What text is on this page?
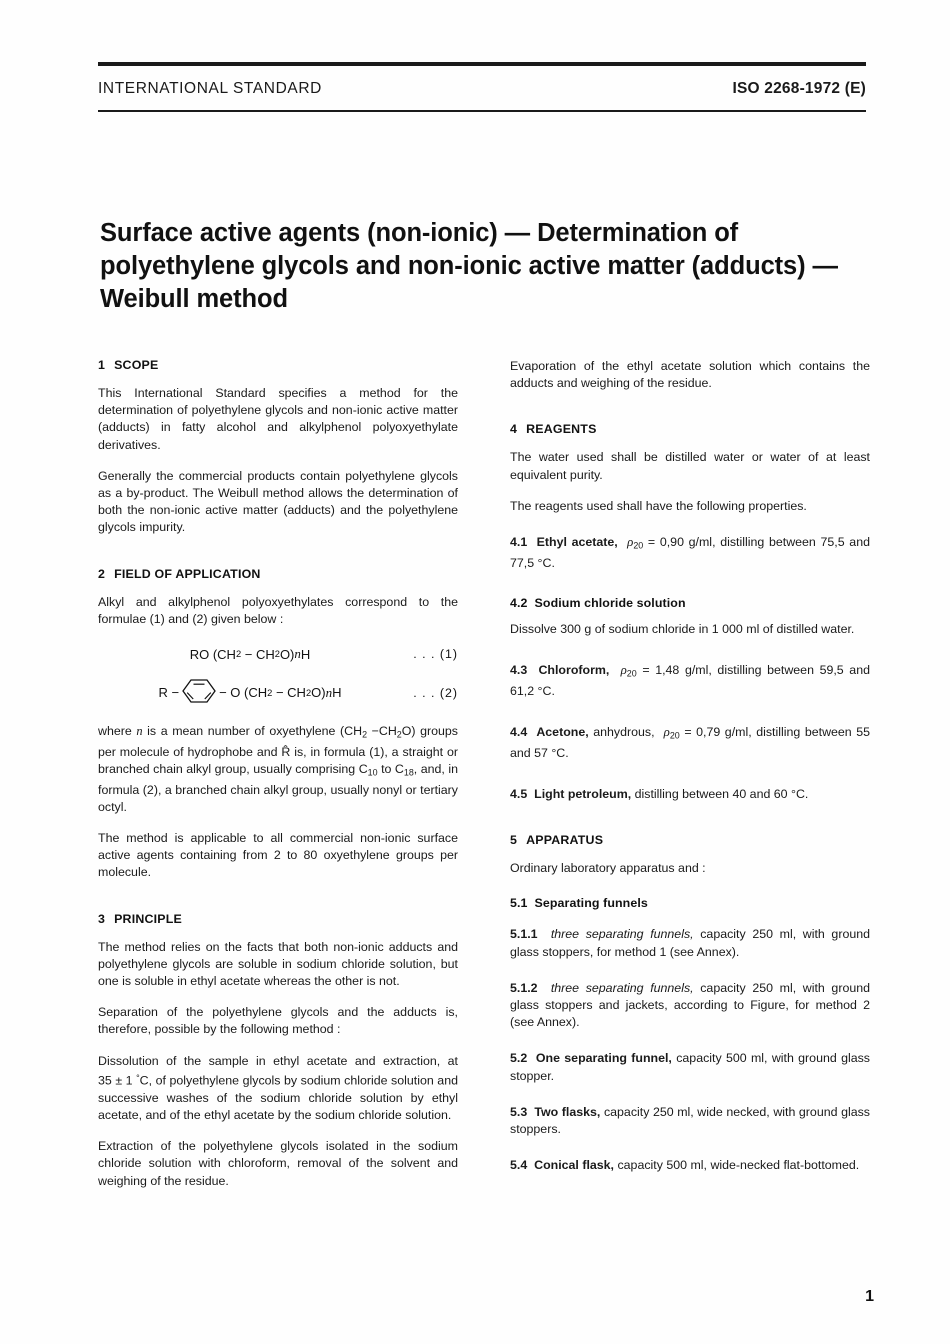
INTERNATIONAL STANDARD	ISO 2268-1972 (E)
Surface active agents (non-ionic) — Determination of polyethylene glycols and non-ionic active matter (adducts) — Weibull method
1 SCOPE

This International Standard specifies a method for the determination of polyethylene glycols and non-ionic active matter (adducts) in fatty alcohol and alkylphenol polyoxyethylate derivatives.

Generally the commercial products contain polyethylene glycols as a by-product. The Weibull method allows the determination of both the non-ionic active matter (adducts) and the polyethylene glycols impurity.

2 FIELD OF APPLICATION

Alkyl and alkylphenol polyoxyethylates correspond to the formulae (1) and (2) given below :

RO (CH 2 − CH 2 O) n H	. . . (1)
R −	− O (CH 2 − CH 2 O) n H	. . . (2)

where n is a mean number of oxyethylene $(CH_2 -CH_2O)$ groups per molecule of hydrophobe and R̂ is, in formula (1), a straight or branched chain alkyl group, usually comprising $C_{10}$ to $C_{18}$, and, in formula (2), a branched chain alkyl group, usually nonyl or tertiary octyl.

The method is applicable to all commercial non-ionic surface active agents containing from 2 to 80 oxyethylene groups per molecule.

3 PRINCIPLE

The method relies on the facts that both non-ionic adducts and polyethylene glycols are soluble in sodium chloride solution, but one is soluble in ethyl acetate whereas the other is not.

Separation of the polyethylene glycols and the adducts is, therefore, possible by the following method :

Dissolution of the sample in ethyl acetate and extraction, at 35 ± 1 °C, of polyethylene glycols by sodium chloride solution and successive washes of the sodium chloride solution by ethyl acetate, and of the ethyl acetate by the sodium chloride solution.

Extraction of the polyethylene glycols isolated in the sodium chloride solution with chloroform, removal of the solvent and weighing of the residue.

Evaporation of the ethyl acetate solution which contains the adducts and weighing of the residue.

4 REAGENTS

The water used shall be distilled water or water of at least equivalent purity.

The reagents used shall have the following properties.

4.1 Ethyl acetate, $\rho_{20} = 0,90$ g/ml, distilling between 75,5 and 77,5 °C.

4.2 Sodium chloride solution

Dissolve 300 g of sodium chloride in 1 000 ml of distilled water.

4.3 Chloroform, $\rho_{20} = 1,48$ g/ml, distilling between 59,5 and 61,2 °C.

4.4 Acetone, anhydrous, $\rho_{20} = 0,79$ g/ml, distilling between 55 and 57 °C.

4.5 Light petroleum, distilling between 40 and 60 °C.

5 APPARATUS

Ordinary laboratory apparatus and :

5.1 Separating funnels

5.1.1 three separating funnels, capacity 250 ml, with ground glass stoppers, for method 1 (see Annex).

5.1.2 three separating funnels, capacity 250 ml, with ground glass stoppers and jackets, according to Figure, for method 2 (see Annex).

5.2 One separating funnel, capacity 500 ml, with ground glass stopper.

5.3 Two flasks, capacity 250 ml, wide necked, with ground glass stoppers.

5.4 Conical flask, capacity 500 ml, wide-necked flat-bottomed.

1
